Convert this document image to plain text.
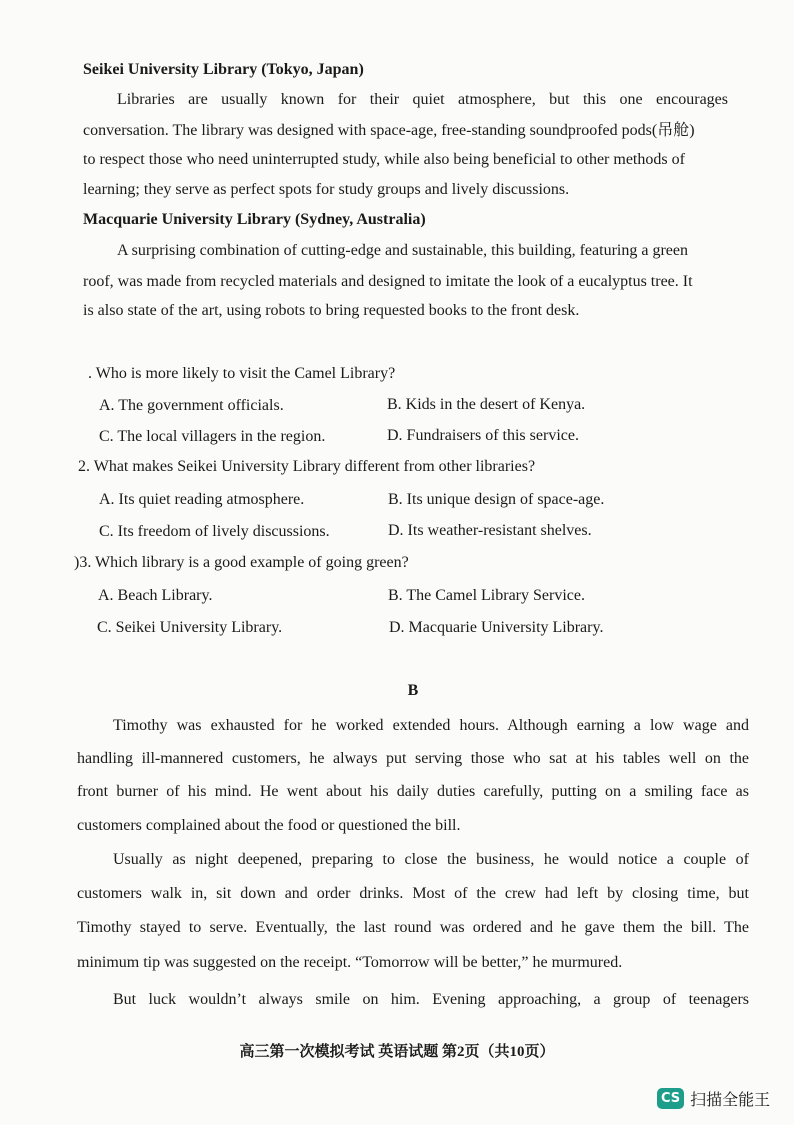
Seikei University Library (Tokyo, Japan)
Libraries are usually known for their quiet atmosphere, but this one encourages
conversation. The library was designed with space-age, free-standing soundproofed pods(吊舱)
to respect those who need uninterrupted study, while also being beneficial to other methods of
learning; they serve as perfect spots for study groups and lively discussions.
Macquarie University Library (Sydney, Australia)
A surprising combination of cutting-edge and sustainable, this building, featuring a green
roof, was made from recycled materials and designed to imitate the look of a eucalyptus tree. It
is also state of the art, using robots to bring requested books to the front desk.
. Who is more likely to visit the Camel Library?
A. The government officials.	B. Kids in the desert of Kenya.
C. The local villagers in the region.	D. Fundraisers of this service.
2. What makes Seikei University Library different from other libraries?
A. Its quiet reading atmosphere.	B. Its unique design of space-age.
C. Its freedom of lively discussions.	D. Its weather-resistant shelves.
)3. Which library is a good example of going green?
A. Beach Library.	B. The Camel Library Service.
C. Seikei University Library.	D. Macquarie University Library.
B
Timothy was exhausted for he worked extended hours. Although earning a low wage and
handling ill-mannered customers, he always put serving those who sat at his tables well on the
front burner of his mind. He went about his daily duties carefully, putting on a smiling face as
customers complained about the food or questioned the bill.
Usually as night deepened, preparing to close the business, he would notice a couple of
customers walk in, sit down and order drinks. Most of the crew had left by closing time, but
Timothy stayed to serve. Eventually, the last round was ordered and he gave them the bill. The
minimum tip was suggested on the receipt. “Tomorrow will be better,” he murmured.
But luck wouldn’t always smile on him. Evening approaching, a group of teenagers
高三第一次模拟考试 英语试题 第2页（共10页）
CS 扫描全能王
